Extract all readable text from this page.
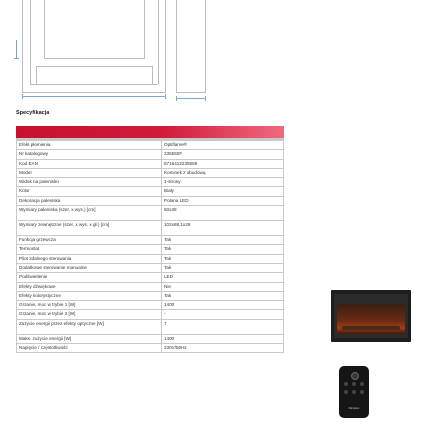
Specyfikacja
Efekt płomienia	Optiflame®
Nr katalogowy	235550F
Kod EAN	8716412235559
Model	Kominek z obudową
Widok na palenisko	1-strony
Kolor	Biały
Dekoracja paleniska	Polana LED
Wymiary paleniska (szer. x wys.) [cm]	60x38
Wymiary zewnętrzne (szer. x wys. x gł.) [cm]	102x88,1x29
Funkcja grzewcza	Tak
Termostat	Tak
Pilot zdalnego sterowania	Tak
Dodatkowe sterowanie manualne	Tak
Podświetlenie	LED
Efekty dźwiękowe	Nie
Efekty kolorystyczne	Tak
Grzanie, moc w trybie 1 [W]	1400
Grzanie, moc w trybie 2 [W]	-
Zużycie energii przez efekty optyczne [W]	7
Maks. zużycie energii [W]	1400
Napięcie / częstotliwość	230V/50Hz
Dimplex
